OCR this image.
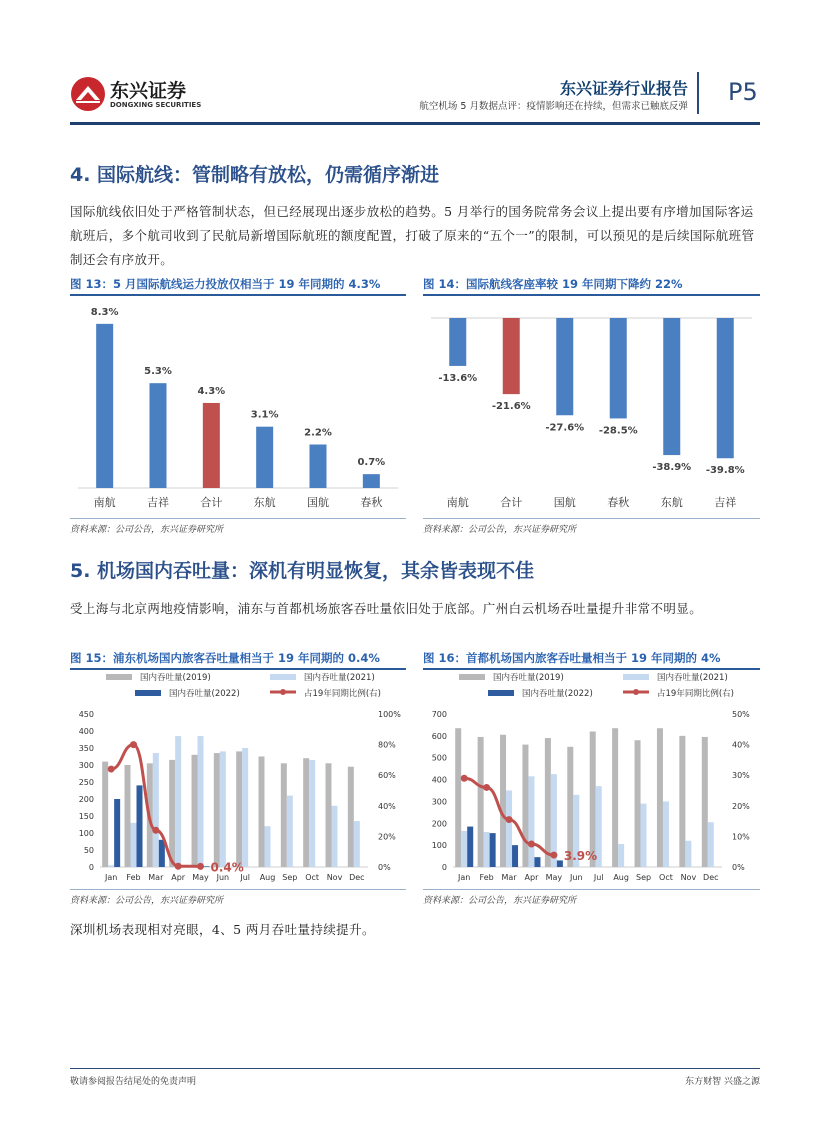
东兴证券
DONGXING SECURITIES
东兴证券行业报告
航空机场 5 月数据点评：疫情影响还在持续，但需求已触底反弹
P5
4. 国际航线：管制略有放松，仍需循序渐进
国际航线依旧处于严格管制状态，但已经展现出逐步放松的趋势。5 月举行的国务院常务会议上提出要有序增加国际客运航班后，多个航司收到了民航局新增国际航班的额度配置，打破了原来的“五个一”的限制，可以预见的是后续国际航班管制还会有序放开。
图 13：5 月国际航线运力投放仅相当于 19 年同期的 4.3%
8.3%
南航
5.3%
吉祥
4.3%
合计
3.1%
东航
2.2%
国航
0.7%
春秋
资料来源：公司公告，东兴证券研究所
图 14：国际航线客座率较 19 年同期下降约 22%
-13.6%
南航
-21.6%
合计
-27.6%
国航
-28.5%
春秋
-38.9%
东航
-39.8%
吉祥
资料来源：公司公告，东兴证券研究所
5. 机场国内吞吐量：深机有明显恢复，其余皆表现不佳
受上海与北京两地疫情影响，浦东与首都机场旅客吞吐量依旧处于底部。广州白云机场吞吐量提升非常不明显。
图 15：浦东机场国内旅客吞吐量相当于 19 年同期的 0.4%
国内吞吐量(2019)	国内吞吐量(2021)
国内吞吐量(2022)	占19年同期比例(右)
0
50
100
150
200
250
300
350
400
450
0%
20%
40%
60%
80%
100%
Jan Feb Mar Apr May Jun Jul Aug Sep Oct Nov Dec
0.4%
资料来源：公司公告，东兴证券研究所
图 16：首都机场国内旅客吞吐量相当于 19 年同期的 4%
国内吞吐量(2019)	国内吞吐量(2021)
国内吞吐量(2022)	占19年同期比例(右)
0
100
200
300
400
500
600
700
0%
10%
20%
30%
40%
50%
Jan Feb Mar Apr May Jun Jul Aug Sep Oct Nov Dec
3.9%
资料来源：公司公告，东兴证券研究所
深圳机场表现相对亮眼，4、5 两月吞吐量持续提升。
敬请参阅报告结尾处的免责声明	东方财智 兴盛之源
